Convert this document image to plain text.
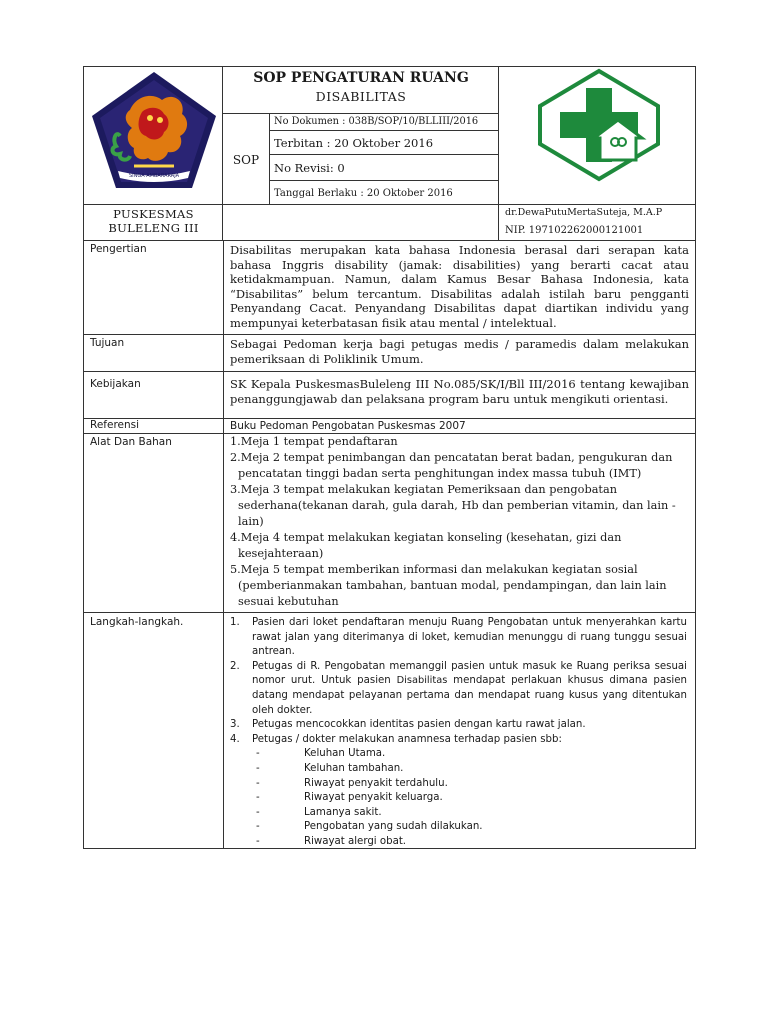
SINGA AMBARARAJA
SOP PENGATURAN RUANG
DISABILITAS
SOP
No Dokumen : 038B/SOP/10/BLLIII/2016
Terbitan : 20 Oktober 2016
No Revisi: 0
Tanggal Berlaku : 20 Oktober 2016
PUSKESMAS
BULELENG III
dr.DewaPutuMertaSuteja, M.A.P
NIP. 197102262000121001
Pengertian	Disabilitas merupakan kata bahasa Indonesia berasal dari serapan kata bahasa Inggris disability (jamak: disabilities) yang berarti cacat atau ketidakmampuan. Namun, dalam Kamus Besar Bahasa Indonesia, kata “Disabilitas” belum tercantum. Disabilitas adalah istilah baru pengganti Penyandang Cacat. Penyandang Disabilitas dapat diartikan individu yang mempunyai keterbatasan fisik atau mental / intelektual.
Tujuan	Sebagai Pedoman kerja bagi petugas medis / paramedis dalam melakukan pemeriksaan di Poliklinik Umum.
Kebijakan	SK Kepala PuskesmasBuleleng III No.085/SK/I/Bll III/2016 tentang kewajiban penanggungjawab dan pelaksana program baru untuk mengikuti orientasi.
Referensi	Buku Pedoman Pengobatan Puskesmas 2007
Alat Dan Bahan	1.Meja 1 tempat pendaftaran
2.Meja 2 tempat penimbangan dan pencatatan berat badan, pengukuran dan
pencatatan tinggi badan serta penghitungan index massa tubuh (IMT)
3.Meja 3 tempat melakukan kegiatan Pemeriksaan dan pengobatan
sederhana(tekanan darah, gula darah, Hb dan pemberian vitamin, dan lain - lain)
4.Meja 4 tempat melakukan kegiatan konseling (kesehatan, gizi dan
kesejahteraan)
5.Meja 5 tempat memberikan informasi dan melakukan kegiatan sosial
(pemberianmakan tambahan, bantuan modal, pendampingan, dan lain lain sesuai kebutuhan
Langkah-langkah.	1. Pasien dari loket pendaftaran menuju Ruang Pengobatan untuk menyerahkan kartu rawat jalan yang diterimanya di loket, kemudian menunggu di ruang tunggu sesuai antrean.
2. Petugas di R. Pengobatan memanggil pasien untuk masuk ke Ruang periksa sesuai nomor urut. Untuk pasien Disabilitas mendapat perlakuan khusus dimana pasien datang mendapat pelayanan pertama dan mendapat ruang kusus yang ditentukan oleh dokter.
3. Petugas mencocokkan identitas pasien dengan kartu rawat jalan.
4. Petugas / dokter melakukan anamnesa terhadap pasien sbb:
-	Keluhan Utama.
-	Keluhan tambahan.
-	Riwayat penyakit terdahulu.
-	Riwayat penyakit keluarga.
-	Lamanya sakit.
-	Pengobatan yang sudah dilakukan.
-	Riwayat alergi obat.
